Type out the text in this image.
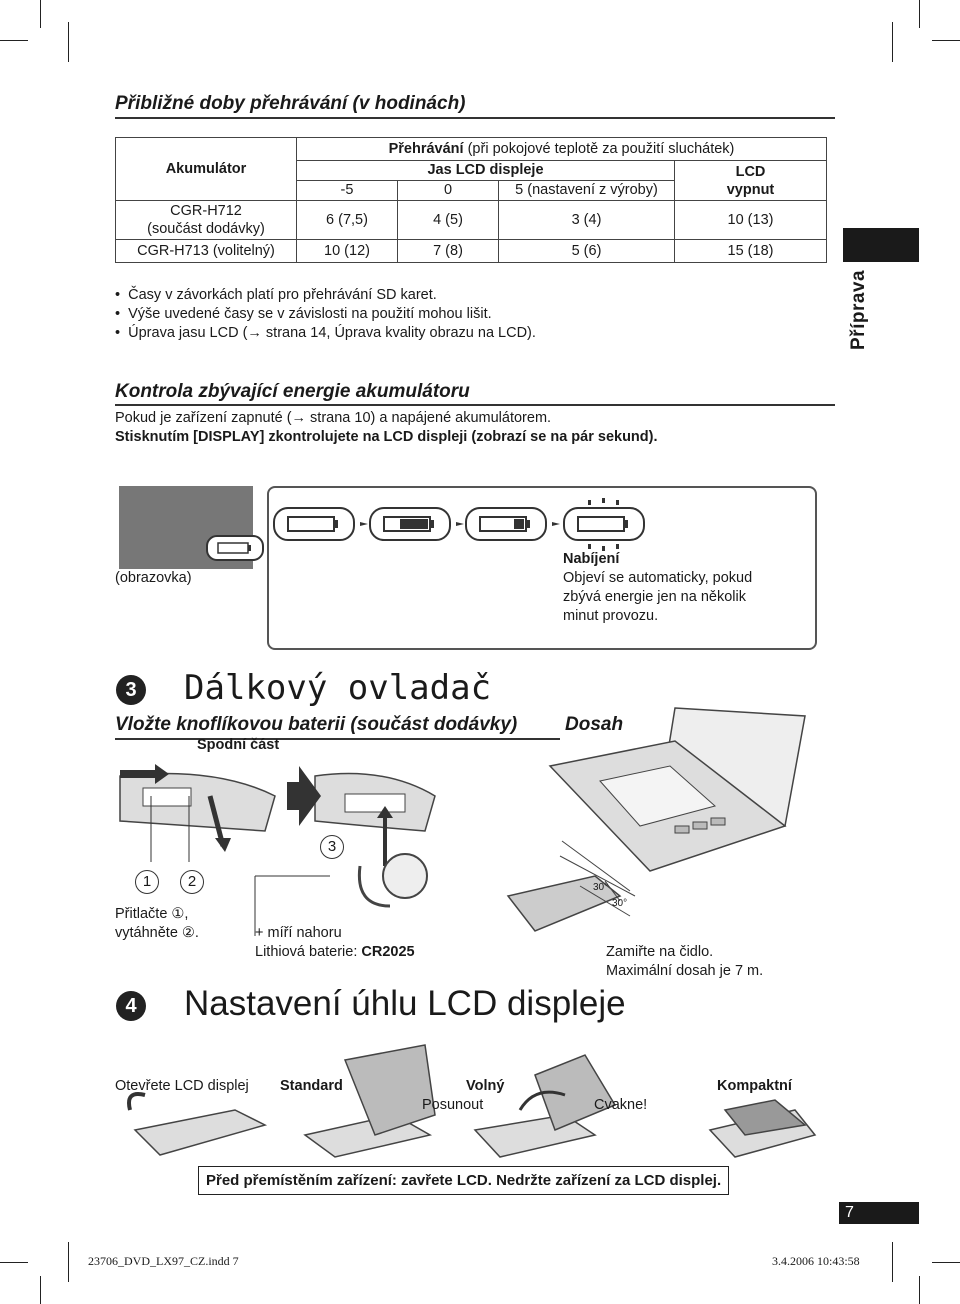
Přibližné doby přehrávání (v hodinách)
Akumulátor	Přehrávání (při pokojové teplotě za použití sluchátek)			
	Jas LCD displeje			LCD
vypnut
	-5	0	5 (nastavení z výroby)	
CGR-H712
(součást dodávky)	6 (7,5)	4 (5)	3 (4)	10 (13)
CGR-H713 (volitelný)	10 (12)	7 (8)	5 (6)	15 (18)
•  Časy v závorkách platí pro přehrávání SD karet.
•  Výše uvedené časy se v závislosti na použití mohou lišit.
•  Úprava jasu LCD (→ strana 14, Úprava kvality obrazu na LCD).	Příprava
Kontrola zbývající energie akumulátoru
Pokud je zařízení zapnuté (→ strana 10) a napájené akumulátorem.
Stisknutím [DISPLAY] zkontrolujete na LCD displeji (zobrazí se na pár sekund).
(obrazovka)
Nabíjení
Objeví se automaticky, pokud
zbývá energie jen na několik
minut provozu.
3 Dálkový ovladač
Vložte knoflíkovou baterii (součást dodávky)	Dosah
Spodní část
1	2
3
Přitlačte ①,
vytáhněte ②.	+ míří nahoru
Lithiová baterie: CR2025
30°
30°
Zamiřte na čidlo.
Maximální dosah je 7 m.
4 Nastavení úhlu LCD displeje
Otevřete LCD displej Standard	Volný
Posunout	Cvakne!
Kompaktní
Před přemístěním zařízení: zavřete LCD. Nedržte zařízení za LCD displej.
7
23706_DVD_LX97_CZ.indd 7	3.4.2006 10:43:58
